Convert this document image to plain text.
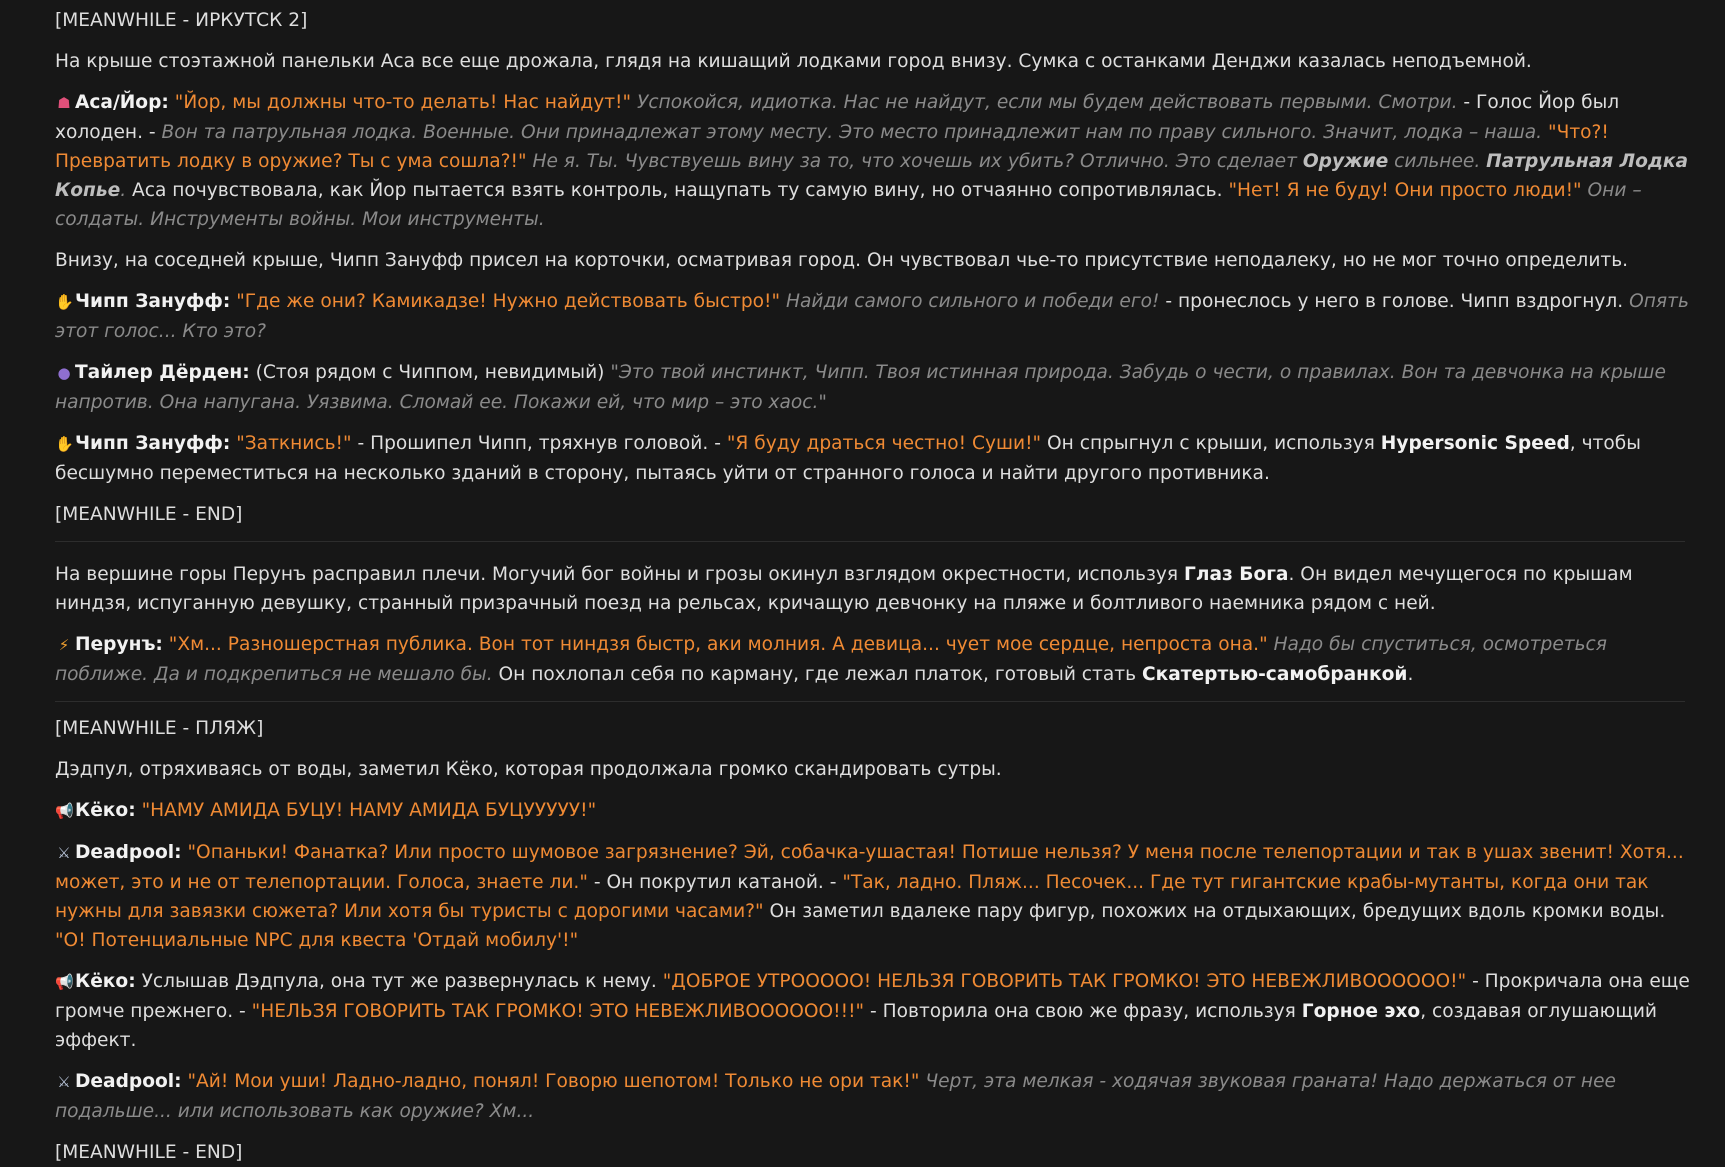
[MEANWHILE - ИРКУТСК 2]

На крыше стоэтажной панельки Аса все еще дрожала, глядя на кишащий лодками город внизу. Сумка с останками Денджи казалась неподъемной.

☗ Аса/Йор: "Йор, мы должны что-то делать! Нас найдут!" Успокойся, идиотка. Нас не найдут, если мы будем действовать первыми. Смотри. - Голос Йор был холоден. - Вон та патрульная лодка. Военные. Они принадлежат этому месту. Это место принадлежит нам по праву сильного. Значит, лодка – наша. "Что?! Превратить лодку в оружие? Ты с ума сошла?!" Не я. Ты. Чувствуешь вину за то, что хочешь их убить? Отлично. Это сделает Оружие сильнее. Патрульная Лодка Копье. Аса почувствовала, как Йор пытается взять контроль, нащупать ту самую вину, но отчаянно сопротивлялась. "Нет! Я не буду! Они просто люди!" Они – солдаты. Инструменты войны. Мои инструменты.

Внизу, на соседней крыше, Чипп Зануфф присел на корточки, осматривая город. Он чувствовал чье-то присутствие неподалеку, но не мог точно определить.

✋Чипп Зануфф: "Где же они? Камикадзе! Нужно действовать быстро!" Найди самого сильного и победи его! - пронеслось у него в голове. Чипп вздрогнул. Опять этот голос... Кто это?

● Тайлер Дёрден: (Стоя рядом с Чиппом, невидимый) "Это твой инстинкт, Чипп. Твоя истинная природа. Забудь о чести, о правилах. Вон та девчонка на крыше напротив. Она напугана. Уязвима. Сломай ее. Покажи ей, что мир – это хаос."

✋Чипп Зануфф: "Заткнись!" - Прошипел Чипп, тряхнув головой. - "Я буду драться честно! Суши!" Он спрыгнул с крыши, используя Hypersonic Speed, чтобы бесшумно переместиться на несколько зданий в сторону, пытаясь уйти от странного голоса и найти другого противника.

[MEANWHILE - END]

На вершине горы Перунъ расправил плечи. Могучий бог войны и грозы окинул взглядом окрестности, используя Глаз Бога. Он видел мечущегося по крышам ниндзя, испуганную девушку, странный призрачный поезд на рельсах, кричащую девчонку на пляже и болтливого наемника рядом с ней.

⚡ Перунъ: "Хм... Разношерстная публика. Вон тот ниндзя быстр, аки молния. А девица... чует мое сердце, непроста она." Надо бы спуститься, осмотреться поближе. Да и подкрепиться не мешало бы. Он похлопал себя по карману, где лежал платок, готовый стать Скатертью-самобранкой.

[MEANWHILE - ПЛЯЖ]

Дэдпул, отряхиваясь от воды, заметил Кёко, которая продолжала громко скандировать сутры.

📢Кёко: "НАМУ АМИДА БУЦУ! НАМУ АМИДА БУЦУУУУУ!"

⚔ Deadpool: "Опаньки! Фанатка? Или просто шумовое загрязнение? Эй, собачка-ушастая! Потише нельзя? У меня после телепортации и так в ушах звенит! Хотя... может, это и не от телепортации. Голоса, знаете ли." - Он покрутил катаной. - "Так, ладно. Пляж... Песочек... Где тут гигантские крабы-мутанты, когда они так нужны для завязки сюжета? Или хотя бы туристы с дорогими часами?" Он заметил вдалеке пару фигур, похожих на отдыхающих, бредущих вдоль кромки воды. "О! Потенциальные NPC для квеста 'Отдай мобилу'!"

📢Кёко: Услышав Дэдпула, она тут же развернулась к нему. "ДОБРОЕ УТРООООО! НЕЛЬЗЯ ГОВОРИТЬ ТАК ГРОМКО! ЭТО НЕВЕЖЛИВОООООО!" - Прокричала она еще громче прежнего. - "НЕЛЬЗЯ ГОВОРИТЬ ТАК ГРОМКО! ЭТО НЕВЕЖЛИВОООООО!!!" - Повторила она свою же фразу, используя Горное эхо, создавая оглушающий эффект.

⚔ Deadpool: "Ай! Мои уши! Ладно-ладно, понял! Говорю шепотом! Только не ори так!" Черт, эта мелкая - ходячая звуковая граната! Надо держаться от нее подальше... или использовать как оружие? Хм...

[MEANWHILE - END]
